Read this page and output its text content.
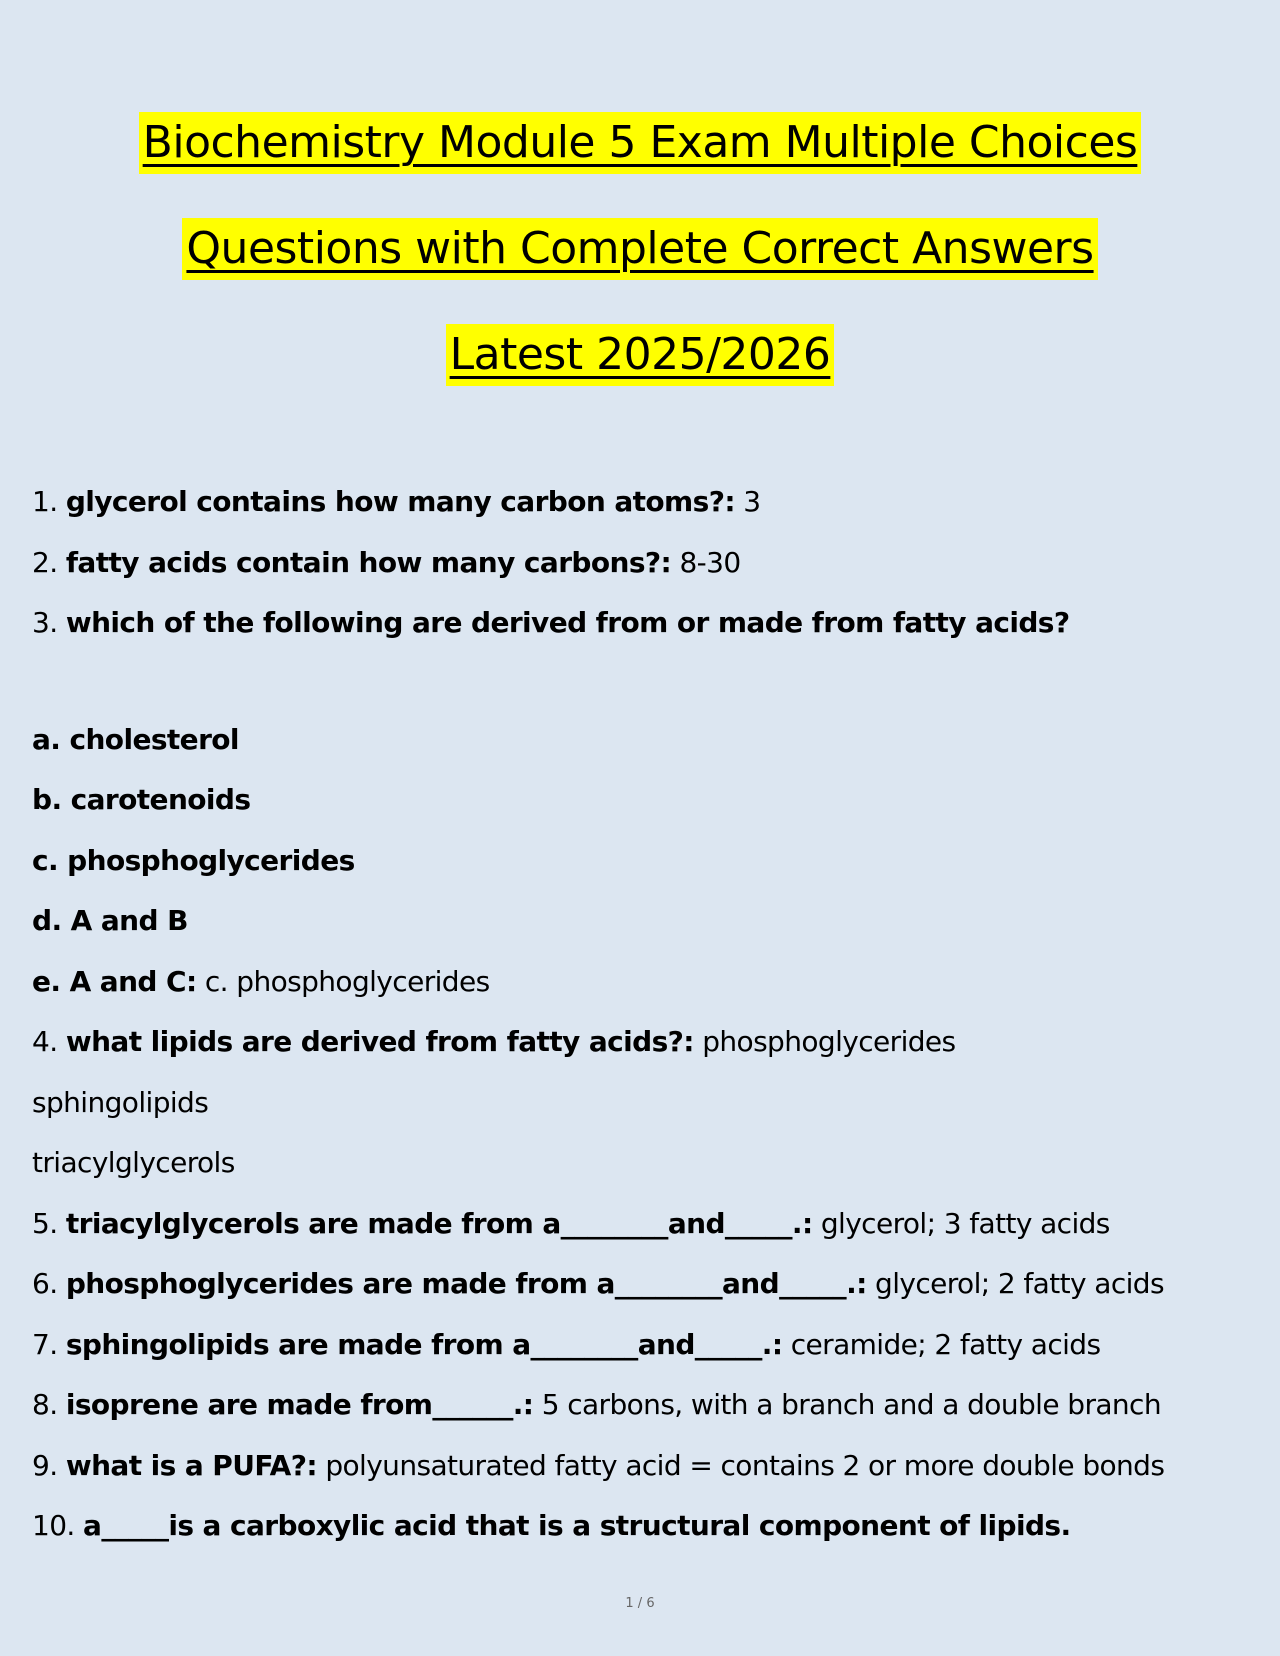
Biochemistry Module 5 Exam Multiple Choices
Questions with Complete Correct Answers
Latest 2025/2026
1. glycerol contains how many carbon atoms?: 3
2. fatty acids contain how many carbons?: 8-30
3. which of the following are derived from or made from fatty acids?
a. cholesterol
b. carotenoids
c. phosphoglycerides
d. A and B
e. A and C: c. phosphoglycerides
4. what lipids are derived from fatty acids?: phosphoglycerides
sphingolipids
triacylglycerols
5. triacylglycerols are made from a________and_____.: glycerol; 3 fatty acids
6. phosphoglycerides are made from a________and_____.: glycerol; 2 fatty acids
7. sphingolipids are made from a________and_____.: ceramide; 2 fatty acids
8. isoprene are made from______.: 5 carbons, with a branch and a double branch
9. what is a PUFA?: polyunsaturated fatty acid = contains 2 or more double bonds
10. a_____is a carboxylic acid that is a structural component of lipids.
1 / 6
